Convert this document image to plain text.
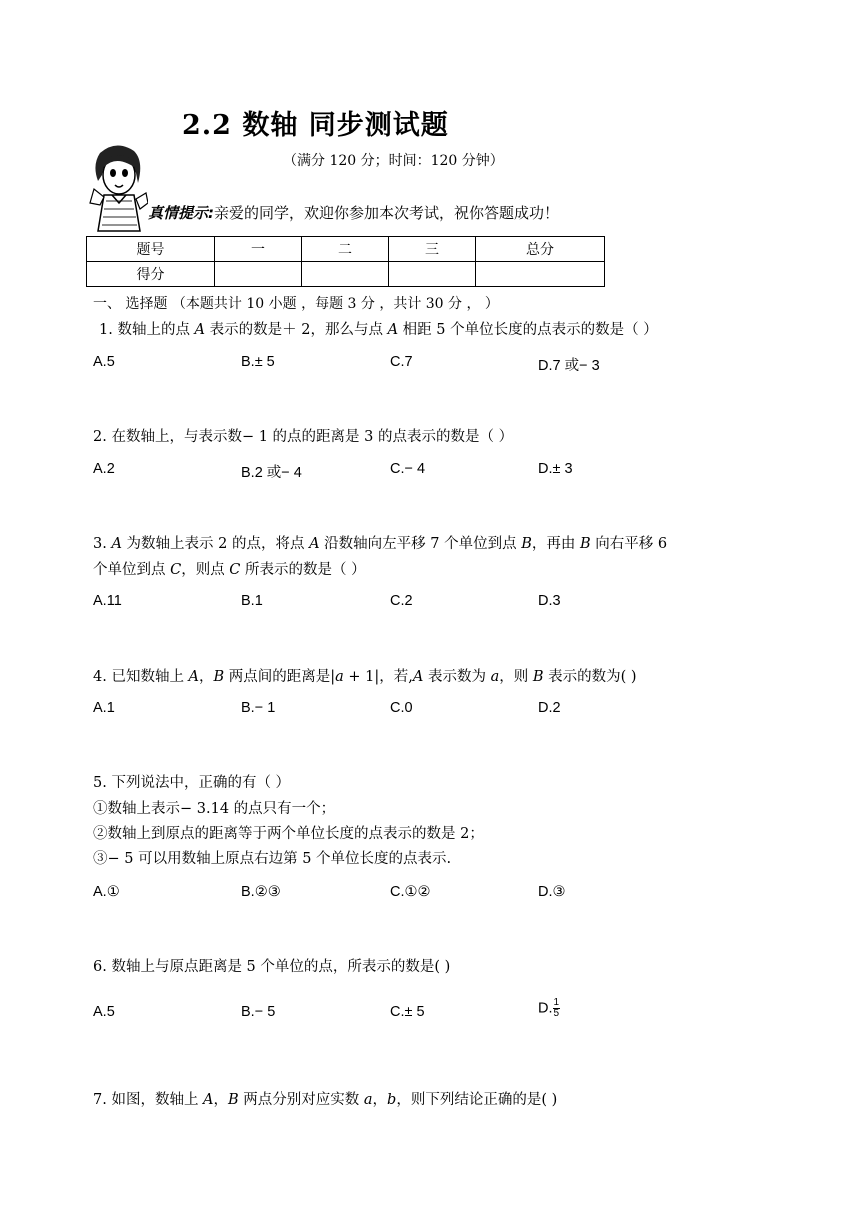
2.2 数轴 同步测试题
（满分 120 分；时间：120 分钟）
真情提示:亲爱的同学，欢迎你参加本次考试，祝你答题成功！
题号	一	二	三	总分
得分				
一、 选择题 （本题共计 10 小题 ，每题 3 分 ，共计 30 分 ， ）
1. 数轴上的点 𝐴 表示的数是＋ 2，那么与点 𝐴 相距 5 个单位长度的点表示的数是（ ）
A.5	B.± 5	C.7	D.7 或− 3
2. 在数轴上，与表示数− 1 的点的距离是 3 的点表示的数是（ ）
A.2	B.2 或− 4	C.− 4	D.± 3
3. 𝐴 为数轴上表示 2 的点，将点 𝐴 沿数轴向左平移 7 个单位到点 𝐵，再由 𝐵 向右平移 6
个单位到点 𝐶，则点 𝐶 所表示的数是（ ）
A.11	B.1	C.2	D.3
4. 已知数轴上 𝐴，𝐵 两点间的距离是|𝑎 + 1|，若,𝐴 表示数为 𝑎，则 𝐵 表示的数为( )
A.1	B.− 1	C.0	D.2
5. 下列说法中，正确的有（ ）
①数轴上表示− 3.14 的点只有一个；
②数轴上到原点的距离等于两个单位长度的点表示的数是 2；
③− 5 可以用数轴上原点右边第 5 个单位长度的点表示.
A.①	B.②③	C.①②	D.③
6. 数轴上与原点距离是 5 个单位的点，所表示的数是( )
A.5	B.− 5	C.± 5	D. $\frac{1}{5}$
7. 如图，数轴上 𝐴，𝐵 两点分别对应实数 𝑎，𝑏，则下列结论正确的是( )
